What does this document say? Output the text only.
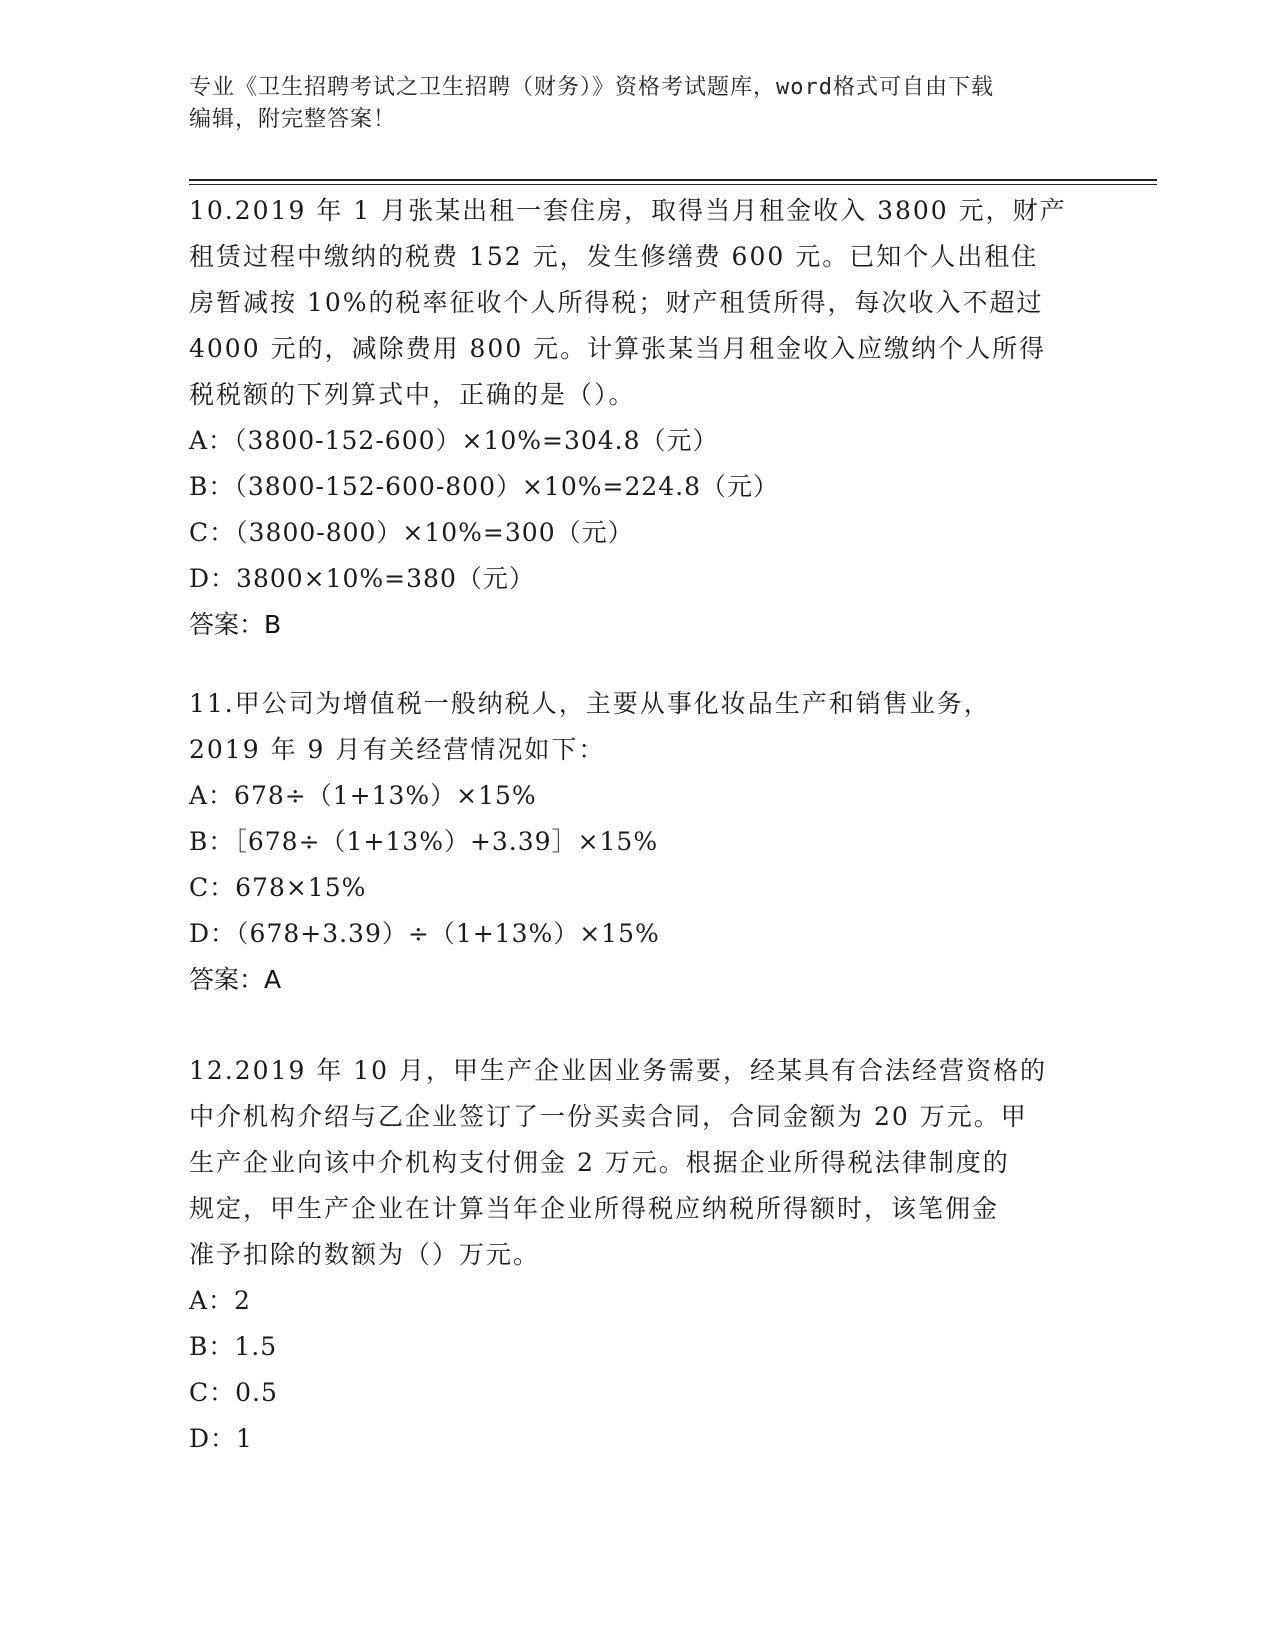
专业《卫生招聘考试之卫生招聘（财务）》资格考试题库，word格式可自由下载
编辑，附完整答案！
10.2019 年 1 月张某出租一套住房，取得当月租金收入 3800 元，财产
租赁过程中缴纳的税费 152 元，发生修缮费 600 元。已知个人出租住
房暂减按 10%的税率征收个人所得税；财产租赁所得，每次收入不超过
4000 元的，减除费用 800 元。计算张某当月租金收入应缴纳个人所得
税税额的下列算式中，正确的是（）。
A：（3800-152-600）×10%=304.8（元）
B：（3800-152-600-800）×10%=224.8（元）
C：（3800-800）×10%=300（元）
D：3800×10%=380（元）
答案：B
11.甲公司为增值税一般纳税人，主要从事化妆品生产和销售业务，
2019 年 9 月有关经营情况如下：
A：678÷（1+13%）×15%
B：［678÷（1+13%）+3.39］×15%
C：678×15%
D：（678+3.39）÷（1+13%）×15%
答案：A
12.2019 年 10 月，甲生产企业因业务需要，经某具有合法经营资格的
中介机构介绍与乙企业签订了一份买卖合同，合同金额为 20 万元。甲
生产企业向该中介机构支付佣金 2 万元。根据企业所得税法律制度的
规定，甲生产企业在计算当年企业所得税应纳税所得额时，该笔佣金
准予扣除的数额为（）万元。
A：2
B：1.5
C：0.5
D：1
